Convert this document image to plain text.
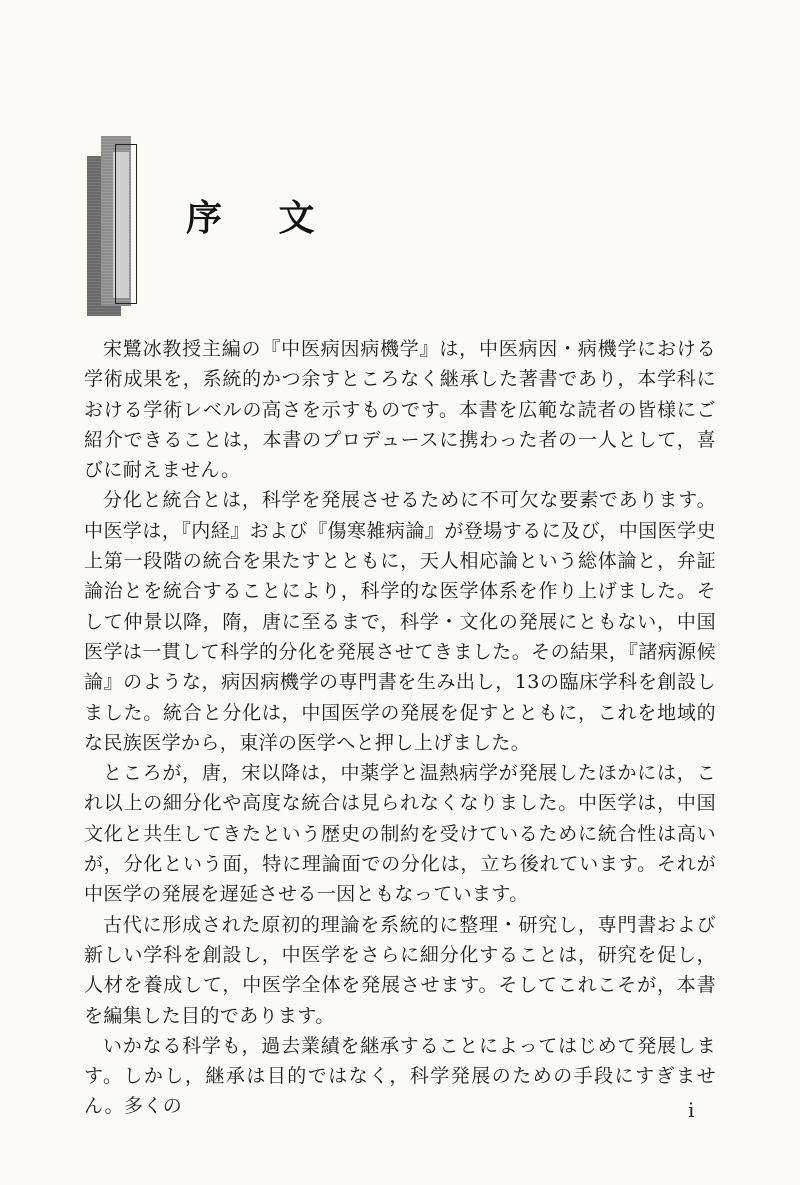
序 文

宋鷺冰教授主編の『中医病因病機学』は，中医病因・病機学における学術成果を，系統的かつ余すところなく継承した著書であり，本学科における学術レベルの高さを示すものです。本書を広範な読者の皆様にご紹介できることは，本書のプロデュースに携わった者の一人として，喜びに耐えません。

分化と統合とは，科学を発展させるために不可欠な要素であります。中医学は，『内経』および『傷寒雑病論』が登場するに及び，中国医学史上第一段階の統合を果たすとともに，天人相応論という総体論と，弁証論治とを統合することにより，科学的な医学体系を作り上げました。そして仲景以降，隋，唐に至るまで，科学・文化の発展にともない，中国医学は一貫して科学的分化を発展させてきました。その結果，『諸病源候論』のような，病因病機学の専門書を生み出し，13の臨床学科を創設しました。統合と分化は，中国医学の発展を促すとともに，これを地域的な民族医学から，東洋の医学へと押し上げました。

ところが，唐，宋以降は，中薬学と温熱病学が発展したほかには，これ以上の細分化や高度な統合は見られなくなりました。中医学は，中国文化と共生してきたという歴史の制約を受けているために統合性は高いが，分化という面，特に理論面での分化は，立ち後れています。それが中医学の発展を遅延させる一因ともなっています。

古代に形成された原初的理論を系統的に整理・研究し，専門書および新しい学科を創設し，中医学をさらに細分化することは，研究を促し，人材を養成して，中医学全体を発展させます。そしてこれこそが，本書を編集した目的であります。

いかなる科学も，過去業績を継承することによってはじめて発展します。しかし，継承は目的ではなく，科学発展のための手段にすぎません。多くの	i
